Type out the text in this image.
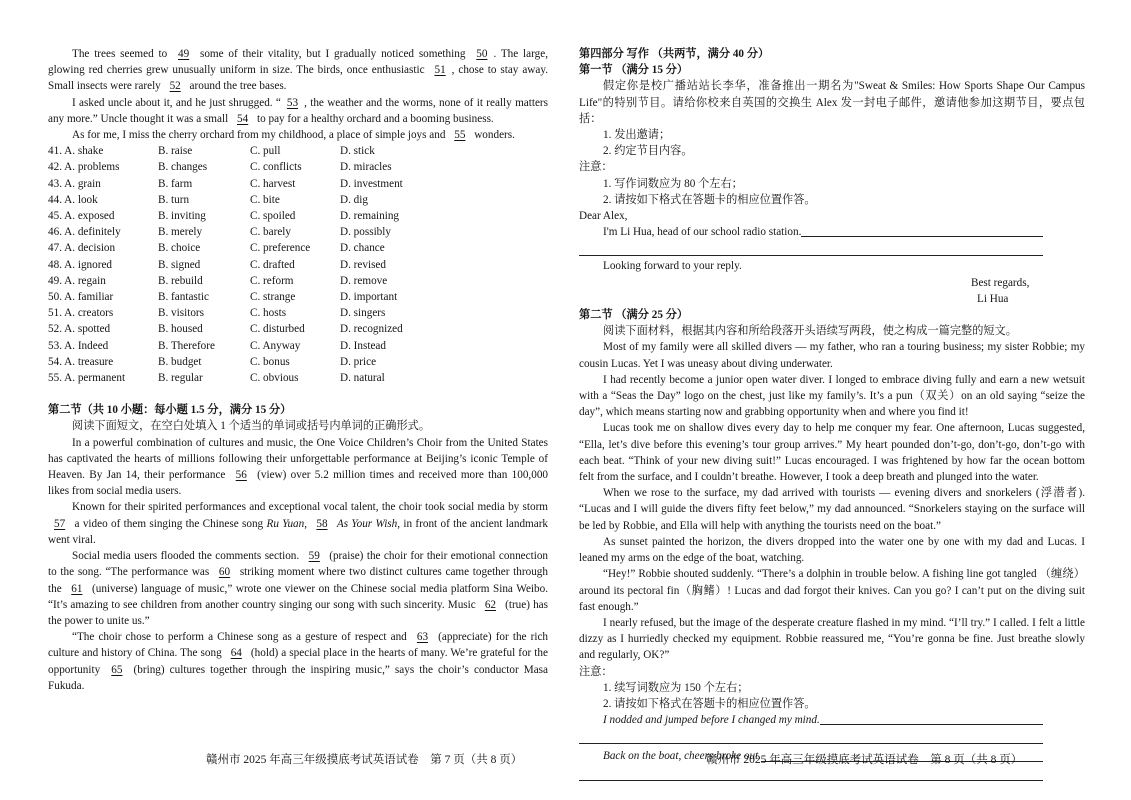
The trees seemed to 49 some of their vitality, but I gradually noticed something 50 . The large, glowing red cherries grew unusually uniform in size. The birds, once enthusiastic 51 , chose to stay away. Small insects were rarely 52 around the tree bases.

I asked uncle about it, and he just shrugged. “ 53 , the weather and the worms, none of it really matters any more.” Uncle thought it was a small 54 to pay for a healthy orchard and a booming business.

As for me, I miss the cherry orchard from my childhood, a place of simple joys and 55 wonders.

41. A. shake	B. raise	C. pull	D. stick
42. A. problems	B. changes	C. conflicts	D. miracles
43. A. grain	B. farm	C. harvest	D. investment
44. A. look	B. turn	C. bite	D. dig
45. A. exposed	B. inviting	C. spoiled	D. remaining
46. A. definitely	B. merely	C. barely	D. possibly
47. A. decision	B. choice	C. preference	D. chance
48. A. ignored	B. signed	C. drafted	D. revised
49. A. regain	B. rebuild	C. reform	D. remove
50. A. familiar	B. fantastic	C. strange	D. important
51. A. creators	B. visitors	C. hosts	D. singers
52. A. spotted	B. housed	C. disturbed	D. recognized
53. A. Indeed	B. Therefore	C. Anyway	D. Instead
54. A. treasure	B. budget	C. bonus	D. price
55. A. permanent	B. regular	C. obvious	D. natural

第二节（共 10 小题：每小题 1.5 分，满分 15 分）

阅读下面短文，在空白处填入 1 个适当的单词或括号内单词的正确形式。

In a powerful combination of cultures and music, the One Voice Children’s Choir from the United States has captivated the hearts of millions following their unforgettable performance at Beijing’s iconic Temple of Heaven. By Jan 14, their performance 56 (view) over 5.2 million times and received more than 100,000 likes from social media users.

Known for their spirited performances and exceptional vocal talent, the choir took social media by storm 57 a video of them singing the Chinese song Ru Yuan, 58 As Your Wish, in front of the ancient landmark went viral.

Social media users flooded the comments section. 59 (praise) the choir for their emotional connection to the song. “The performance was 60 striking moment where two distinct cultures came together through the 61 (universe) language of music,” wrote one viewer on the Chinese social media platform Sina Weibo. “It’s amazing to see children from another country singing our song with such sincerity. Music 62 (true) has the power to unite us.”

“The choir chose to perform a Chinese song as a gesture of respect and 63 (appreciate) for the rich culture and history of China. The song 64 (hold) a special place in the hearts of many. We’re grateful for the opportunity 65 (bring) cultures together through the inspiring music,” says the choir’s conductor Masa Fukuda.

第四部分 写作 （共两节，满分 40 分）

第一节 （满分 15 分）

假定你是校广播站站长李华，准备推出一期名为"Sweat & Smiles: How Sports Shape Our Campus Life"的特别节目。请给你校来自英国的交换生 Alex 发一封电子邮件，邀请他参加这期节目，要点包括：

1. 发出邀请；

2. 约定节目内容。

注意：

1. 写作词数应为 80 个左右；

2. 请按如下格式在答题卡的相应位置作答。

Dear Alex,

I'm Li Hua, head of our school radio station.

Looking forward to your reply.

Best regards,

Li Hua

第二节 （满分 25 分）

阅读下面材料，根据其内容和所给段落开头语续写两段，使之构成一篇完整的短文。

Most of my family were all skilled divers — my father, who ran a touring business; my sister Robbie; my cousin Lucas. Yet I was uneasy about diving underwater.

I had recently become a junior open water diver. I longed to embrace diving fully and earn a new wetsuit with a “Seas the Day” logo on the chest, just like my family’s. It’s a pun（双关）on an old saying “seize the day”, which means starting now and grabbing opportunity when and where you find it!

Lucas took me on shallow dives every day to help me conquer my fear. One afternoon, Lucas suggested, “Ella, let’s dive before this evening’s tour group arrives.” My heart pounded don’t-go, don’t-go, don’t-go with each beat. “Think of your new diving suit!” Lucas encouraged. I was frightened by how far the ocean bottom felt from the surface, and I couldn’t breathe. However, I took a deep breath and plunged into the water.

When we rose to the surface, my dad arrived with tourists — evening divers and snorkelers (浮潜者). “Lucas and I will guide the divers fifty feet below,” my dad announced. “Snorkelers staying on the surface will be led by Robbie, and Ella will help with anything the tourists need on the boat.”

As sunset painted the horizon, the divers dropped into the water one by one with my dad and Lucas. I leaned my arms on the edge of the boat, watching.

“Hey!” Robbie shouted suddenly. “There’s a dolphin in trouble below. A fishing line got tangled （缠绕） around its pectoral fin（胸鳍）! Lucas and dad forgot their knives. Can you go? I can’t put on the diving suit fast enough.”

I nearly refused, but the image of the desperate creature flashed in my mind. “I’ll try.” I called. I felt a little dizzy as I hurriedly checked my equipment. Robbie reassured me, “You’re gonna be fine. Just breathe slowly and regularly, OK?”

注意：

1. 续写词数应为 150 个左右；

2. 请按如下格式在答题卡的相应位置作答。

I nodded and jumped before I changed my mind.
Back on the boat, cheers broke out.
赣州市 2025 年高三年级摸底考试英语试卷　第 7 页（共 8 页）	赣州市 2025 年高三年级摸底考试英语试卷　第 8 页（共 8 页）
